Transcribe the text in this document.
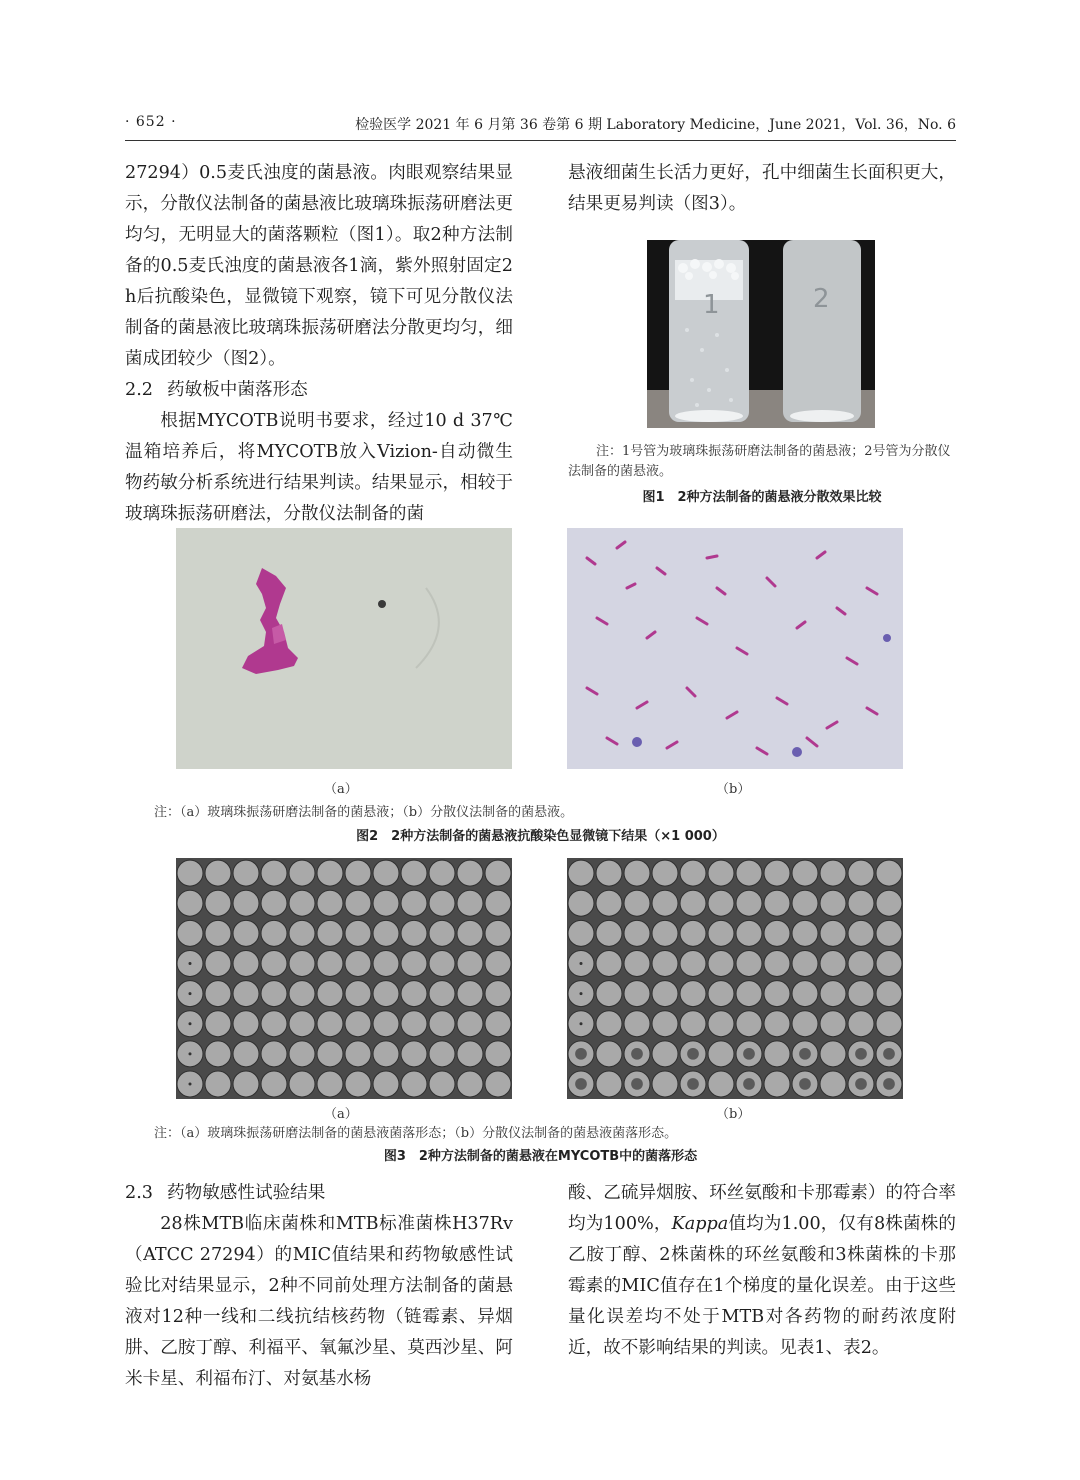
· 652 ·	检验医学 2021 年 6 月第 36 卷第 6 期 Laboratory Medicine，June 2021，Vol. 36，No. 6

27294）0.5麦氏浊度的菌悬液。肉眼观察结果显示，分散仪法制备的菌悬液比玻璃珠振荡研磨法更均匀，无明显大的菌落颗粒（图1）。取2种方法制备的0.5麦氏浊度的菌悬液各1滴，紫外照射固定2 h后抗酸染色，显微镜下观察，镜下可见分散仪法制备的菌悬液比玻璃珠振荡研磨法分散更均匀，细菌成团较少（图2）。

2.2 药敏板中菌落形态

根据MYCOTB说明书要求，经过10 d 37℃温箱培养后，将MYCOTB放入Vizion-自动微生物药敏分析系统进行结果判读。结果显示，相较于玻璃珠振荡研磨法，分散仪法制备的菌

悬液细菌生长活力更好，孔中细菌生长面积更大，结果更易判读（图3）。

1	2
注：1号管为玻璃珠振荡研磨法制备的菌悬液；2号管为分散仪法制备的菌悬液。
图1　2种方法制备的菌悬液分散效果比较
（a）	（b）
注：（a）玻璃珠振荡研磨法制备的菌悬液；（b）分散仪法制备的菌悬液。
图2　2种方法制备的菌悬液抗酸染色显微镜下结果（×1 000）
（a）	（b）
注：（a）玻璃珠振荡研磨法制备的菌悬液菌落形态；（b）分散仪法制备的菌悬液菌落形态。
图3　2种方法制备的菌悬液在MYCOTB中的菌落形态
2.3 药物敏感性试验结果

28株MTB临床菌株和MTB标准菌株H37Rv（ATCC 27294）的MIC值结果和药物敏感性试验比对结果显示，2种不同前处理方法制备的菌悬液对12种一线和二线抗结核药物（链霉素、异烟肼、乙胺丁醇、利福平、氧氟沙星、莫西沙星、阿米卡星、利福布汀、对氨基水杨

酸、乙硫异烟胺、环丝氨酸和卡那霉素）的符合率均为100%，Kappa值均为1.00，仅有8株菌株的乙胺丁醇、2株菌株的环丝氨酸和3株菌株的卡那霉素的MIC值存在1个梯度的量化误差。由于这些量化误差均不处于MTB对各药物的耐药浓度附近，故不影响结果的判读。见表1、表2。
